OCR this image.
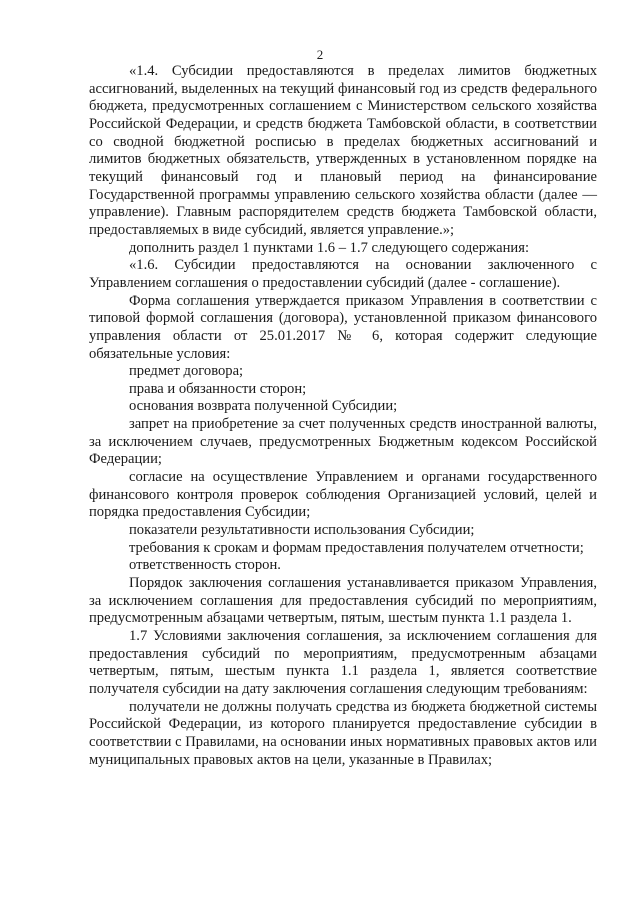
2

«1.4. Субсидии предоставляются в пределах лимитов бюджетных ассигнований, выделенных на текущий финансовый год из средств федерального бюджета, предусмотренных соглашением с Министерством сельского хозяйства Российской Федерации, и средств бюджета Тамбовской области, в соответствии со сводной бюджетной росписью в пределах бюджетных ассигнований и лимитов бюджетных обязательств, утвержденных в установленном порядке на текущий финансовый год и плановый период на финансирование Государственной программы управлению сельского хозяйства области (далее — управление). Главным распорядителем средств бюджета Тамбовской области, предоставляемых в виде субсидий, является управление.»;

дополнить раздел 1 пунктами 1.6 – 1.7 следующего содержания:

«1.6. Субсидии предоставляются на основании заключенного с Управлением соглашения о предоставлении субсидий (далее - соглашение).

Форма соглашения утверждается приказом Управления в соответствии с типовой формой соглашения (договора), установленной приказом финансового управления области от 25.01.2017 № 6, которая содержит следующие обязательные условия:

предмет договора;

права и обязанности сторон;

основания возврата полученной Субсидии;

запрет на приобретение за счет полученных средств иностранной валюты, за исключением случаев, предусмотренных Бюджетным кодексом Российской Федерации;

согласие на осуществление Управлением и органами государственного финансового контроля проверок соблюдения Организацией условий, целей и порядка предоставления Субсидии;

показатели результативности использования Субсидии;

требования к срокам и формам предоставления получателем отчетности;

ответственность сторон.

Порядок заключения соглашения устанавливается приказом Управления, за исключением соглашения для предоставления субсидий по мероприятиям, предусмотренным абзацами четвертым, пятым, шестым пункта 1.1 раздела 1.

1.7 Условиями заключения соглашения, за исключением соглашения для предоставления субсидий по мероприятиям, предусмотренным абзацами четвертым, пятым, шестым пункта 1.1 раздела 1, является соответствие получателя субсидии на дату заключения соглашения следующим требованиям:

получатели не должны получать средства из бюджета бюджетной системы Российской Федерации, из которого планируется предоставление субсидии в соответствии с Правилами, на основании иных нормативных правовых актов или муниципальных правовых актов на цели, указанные в Правилах;
